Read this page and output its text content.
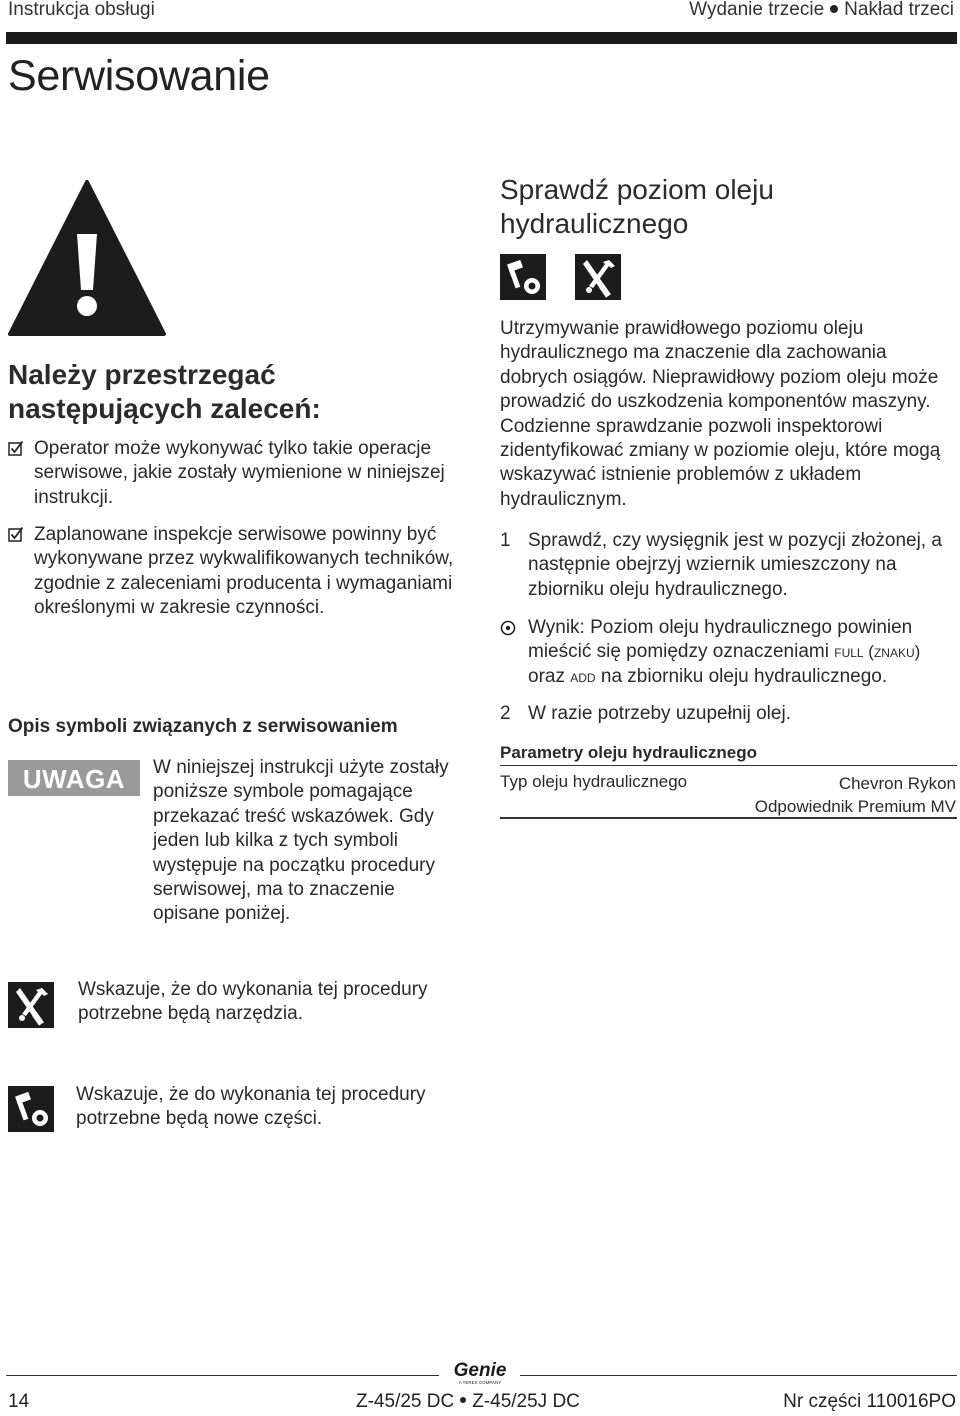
Instrukcja obsługi	Wydanie trzecie Nakład trzeci
Serwisowanie
Należy przestrzegać następujących zaleceń:
Operator może wykonywać tylko takie operacje serwisowe, jakie zostały wymienione w niniejszej instrukcji.
Zaplanowane inspekcje serwisowe powinny być wykonywane przez wykwalifikowanych techników, zgodnie z zaleceniami producenta i wymaganiami określonymi w zakresie czynności.
Opis symboli związanych z serwisowaniem
UWAGA	W niniejszej instrukcji użyte zostały poniższe symbole pomagające przekazać treść wskazówek. Gdy jeden lub kilka z tych symboli występuje na początku procedury serwisowej, ma to znaczenie opisane poniżej.
Wskazuje, że do wykonania tej procedury potrzebne będą narzędzia.
Wskazuje, że do wykonania tej procedury potrzebne będą nowe części.
Sprawdź poziom oleju hydraulicznego
Utrzymywanie prawidłowego poziomu oleju hydraulicznego ma znaczenie dla zachowania dobrych osiągów. Nieprawidłowy poziom oleju może prowadzić do uszkodzenia komponentów maszyny. Codzienne sprawdzanie pozwoli inspektorowi zidentyfikować zmiany w poziomie oleju, które mogą wskazywać istnienie problemów z układem hydraulicznym.
1 Sprawdź, czy wysięgnik jest w pozycji złożonej, a następnie obejrzyj wziernik umieszczony na zbiorniku oleju hydraulicznego.
Wynik: Poziom oleju hydraulicznego powinien mieścić się pomiędzy oznaczeniami full (znaku) oraz add na zbiorniku oleju hydraulicznego.
2 W razie potrzeby uzupełnij olej.
Parametry oleju hydraulicznego
Typ oleju hydraulicznego	Chevron Rykon
Odpowiednik Premium MV
Genie
A TEREX COMPANY
14	Z-45/25 DC Z-45/25J DC	Nr części 110016PO
